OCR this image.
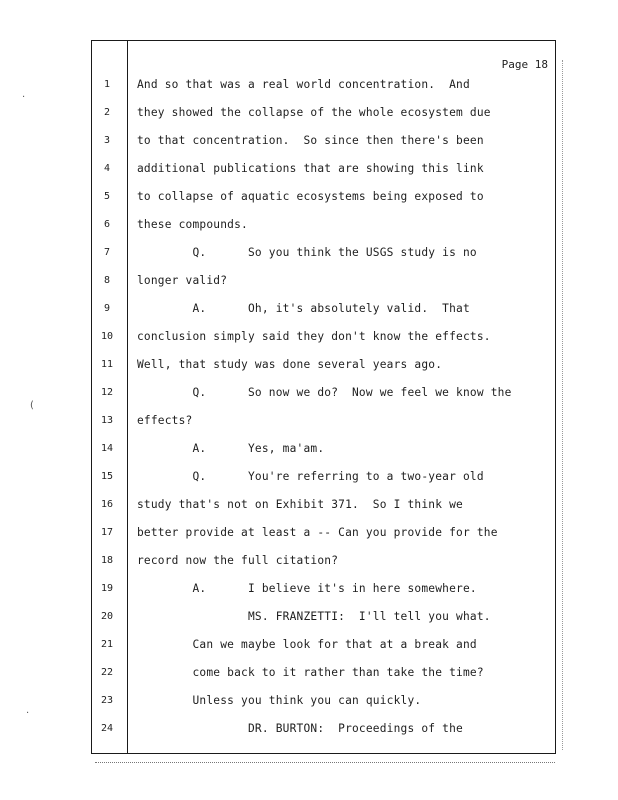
·
(
·
Page 18
1	And so that was a real world concentration.  And
2	they showed the collapse of the whole ecosystem due
3	to that concentration.  So since then there's been
4	additional publications that are showing this link
5	to collapse of aquatic ecosystems being exposed to
6	these compounds.
7	Q.      So you think the USGS study is no
8	longer valid?
9	A.      Oh, it's absolutely valid.  That
10	conclusion simply said they don't know the effects.
11	Well, that study was done several years ago.
12	Q.      So now we do?  Now we feel we know the
13	effects?
14	A.      Yes, ma'am.
15	Q.      You're referring to a two-year old
16	study that's not on Exhibit 371.  So I think we
17	better provide at least a -- Can you provide for the
18	record now the full citation?
19	A.      I believe it's in here somewhere.
20	MS. FRANZETTI:  I'll tell you what.
21	Can we maybe look for that at a break and
22	come back to it rather than take the time?
23	Unless you think you can quickly.
24	DR. BURTON:  Proceedings of the
